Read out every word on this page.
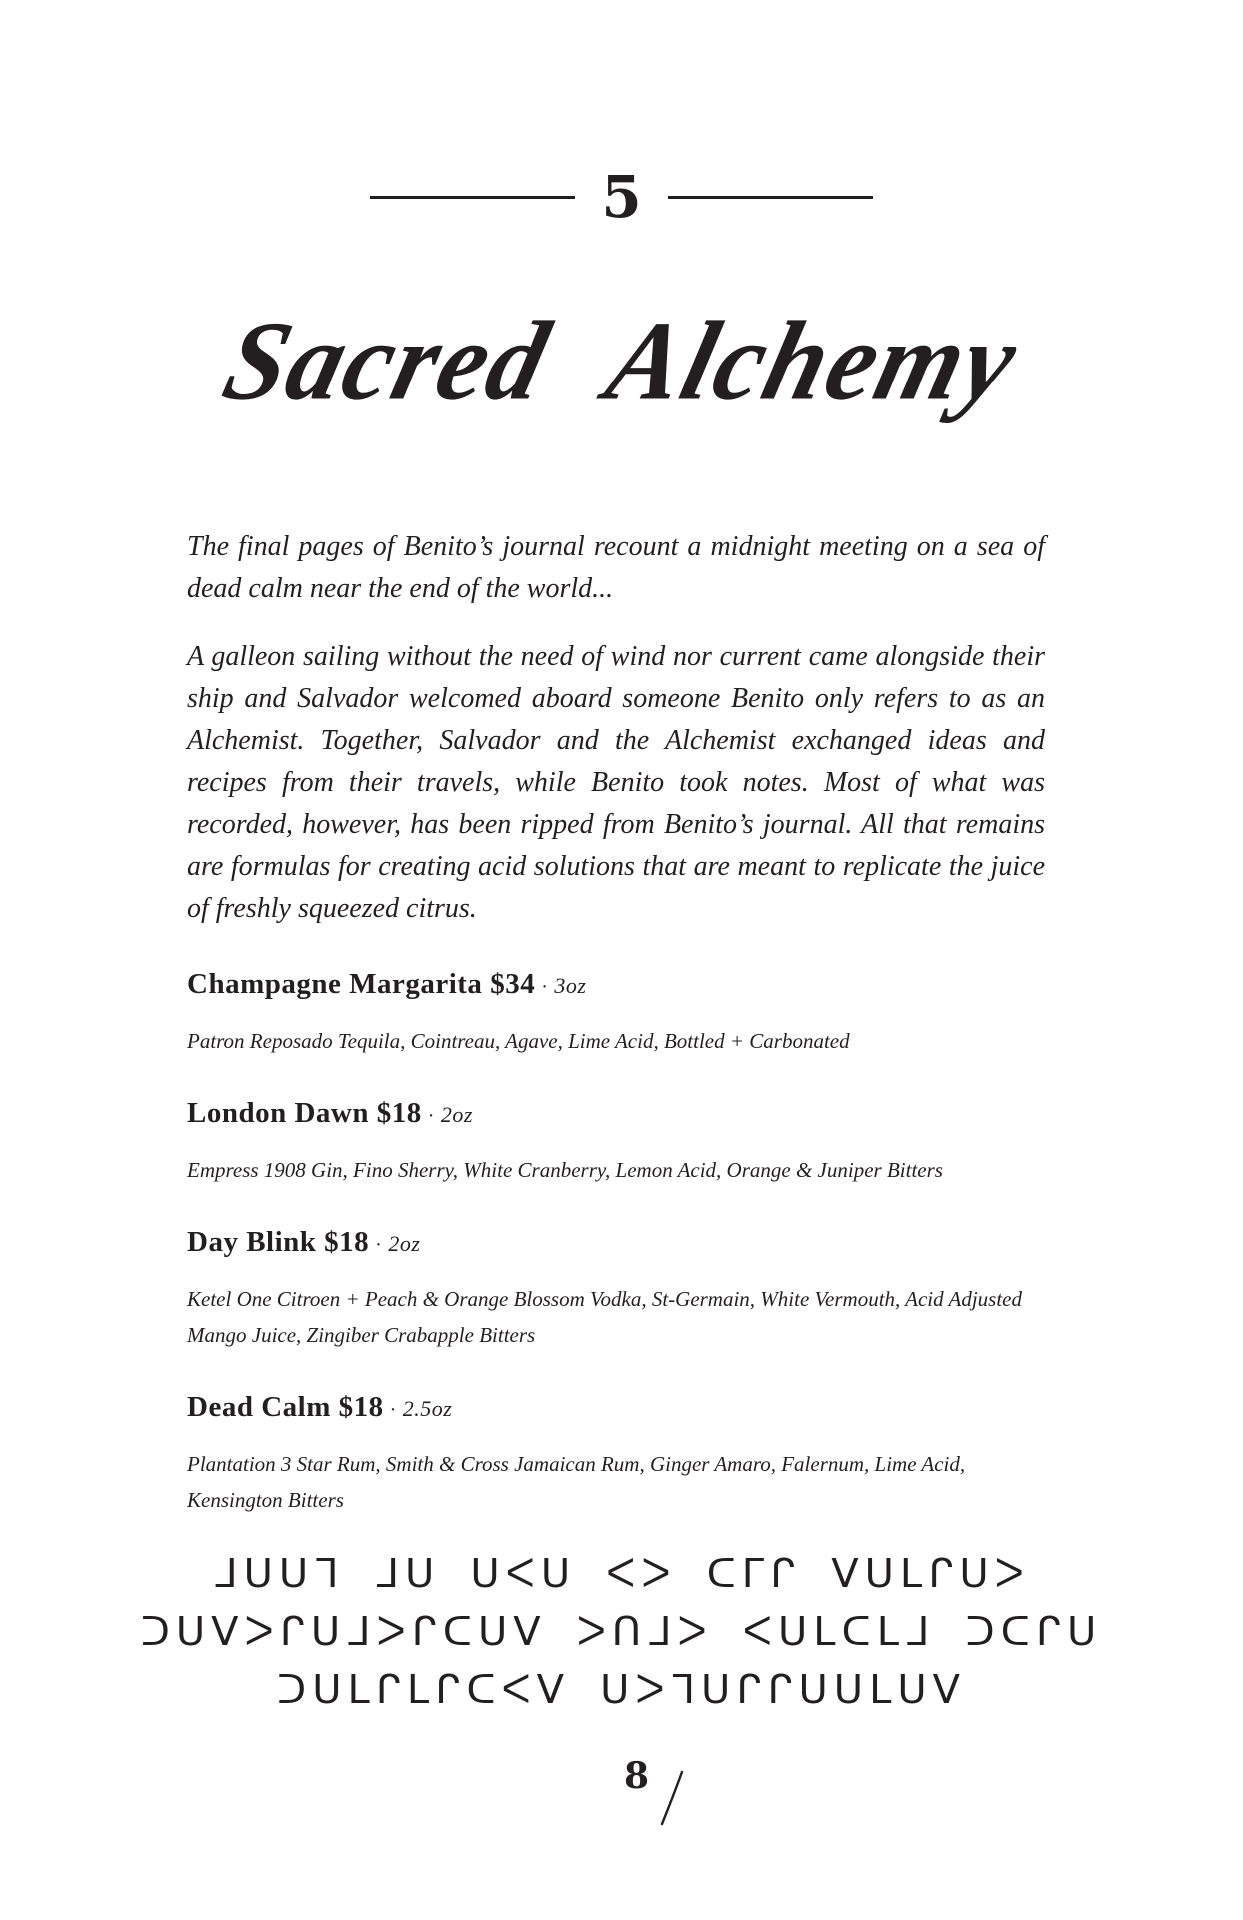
5
Sacred Alchemy

The final pages of Benito’s journal recount a midnight meeting on a sea of dead calm near the end of the world...

A galleon sailing without the need of wind nor current came alongside their ship and Salvador welcomed aboard someone Benito only refers to as an Alchemist. Together, Salvador and the Alchemist exchanged ideas and recipes from their travels, while Benito took notes. Most of what was recorded, however, has been ripped from Benito’s journal. All that remains are formulas for creating acid solutions that are meant to replicate the juice of freshly squeezed citrus.

Champagne Margarita $34 · 3oz
Patron Reposado Tequila, Cointreau, Agave, Lime Acid, Bottled + Carbonated
London Dawn $18 · 2oz
Empress 1908 Gin, Fino Sherry, White Cranberry, Lemon Acid, Orange & Juniper Bitters
Day Blink $18 · 2oz
Ketel One Citroen + Peach & Orange Blossom Vodka, St-Germain, White Vermouth, Acid Adjusted Mango Juice, Zingiber Crabapple Bitters
Dead Calm $18 · 2.5oz
Plantation 3 Star Rum, Smith & Cross Jamaican Rum, Ginger Amaro, Falernum, Lime Acid, Kensington Bitters
ᒧᑌᑌᒣ ᒧᑌ ᑌᐸᑌ ᐸᐳ ᑕᒥᒋ ᐯᑌᒪᒋᑌᐳ
ᑐᑌᐯᐳᒋᑌᒧᐳᒋᑕᑌᐯ ᐳᑎᒧᐳ ᐸᑌᒪᑕᒪᒧ ᑐᑕᒋᑌ
ᑐᑌᒪᒋᒪᒋᑕᐸᐯ ᑌᐳᒣᑌᒋᒋᑌᑌᒪᑌᐯ
8
